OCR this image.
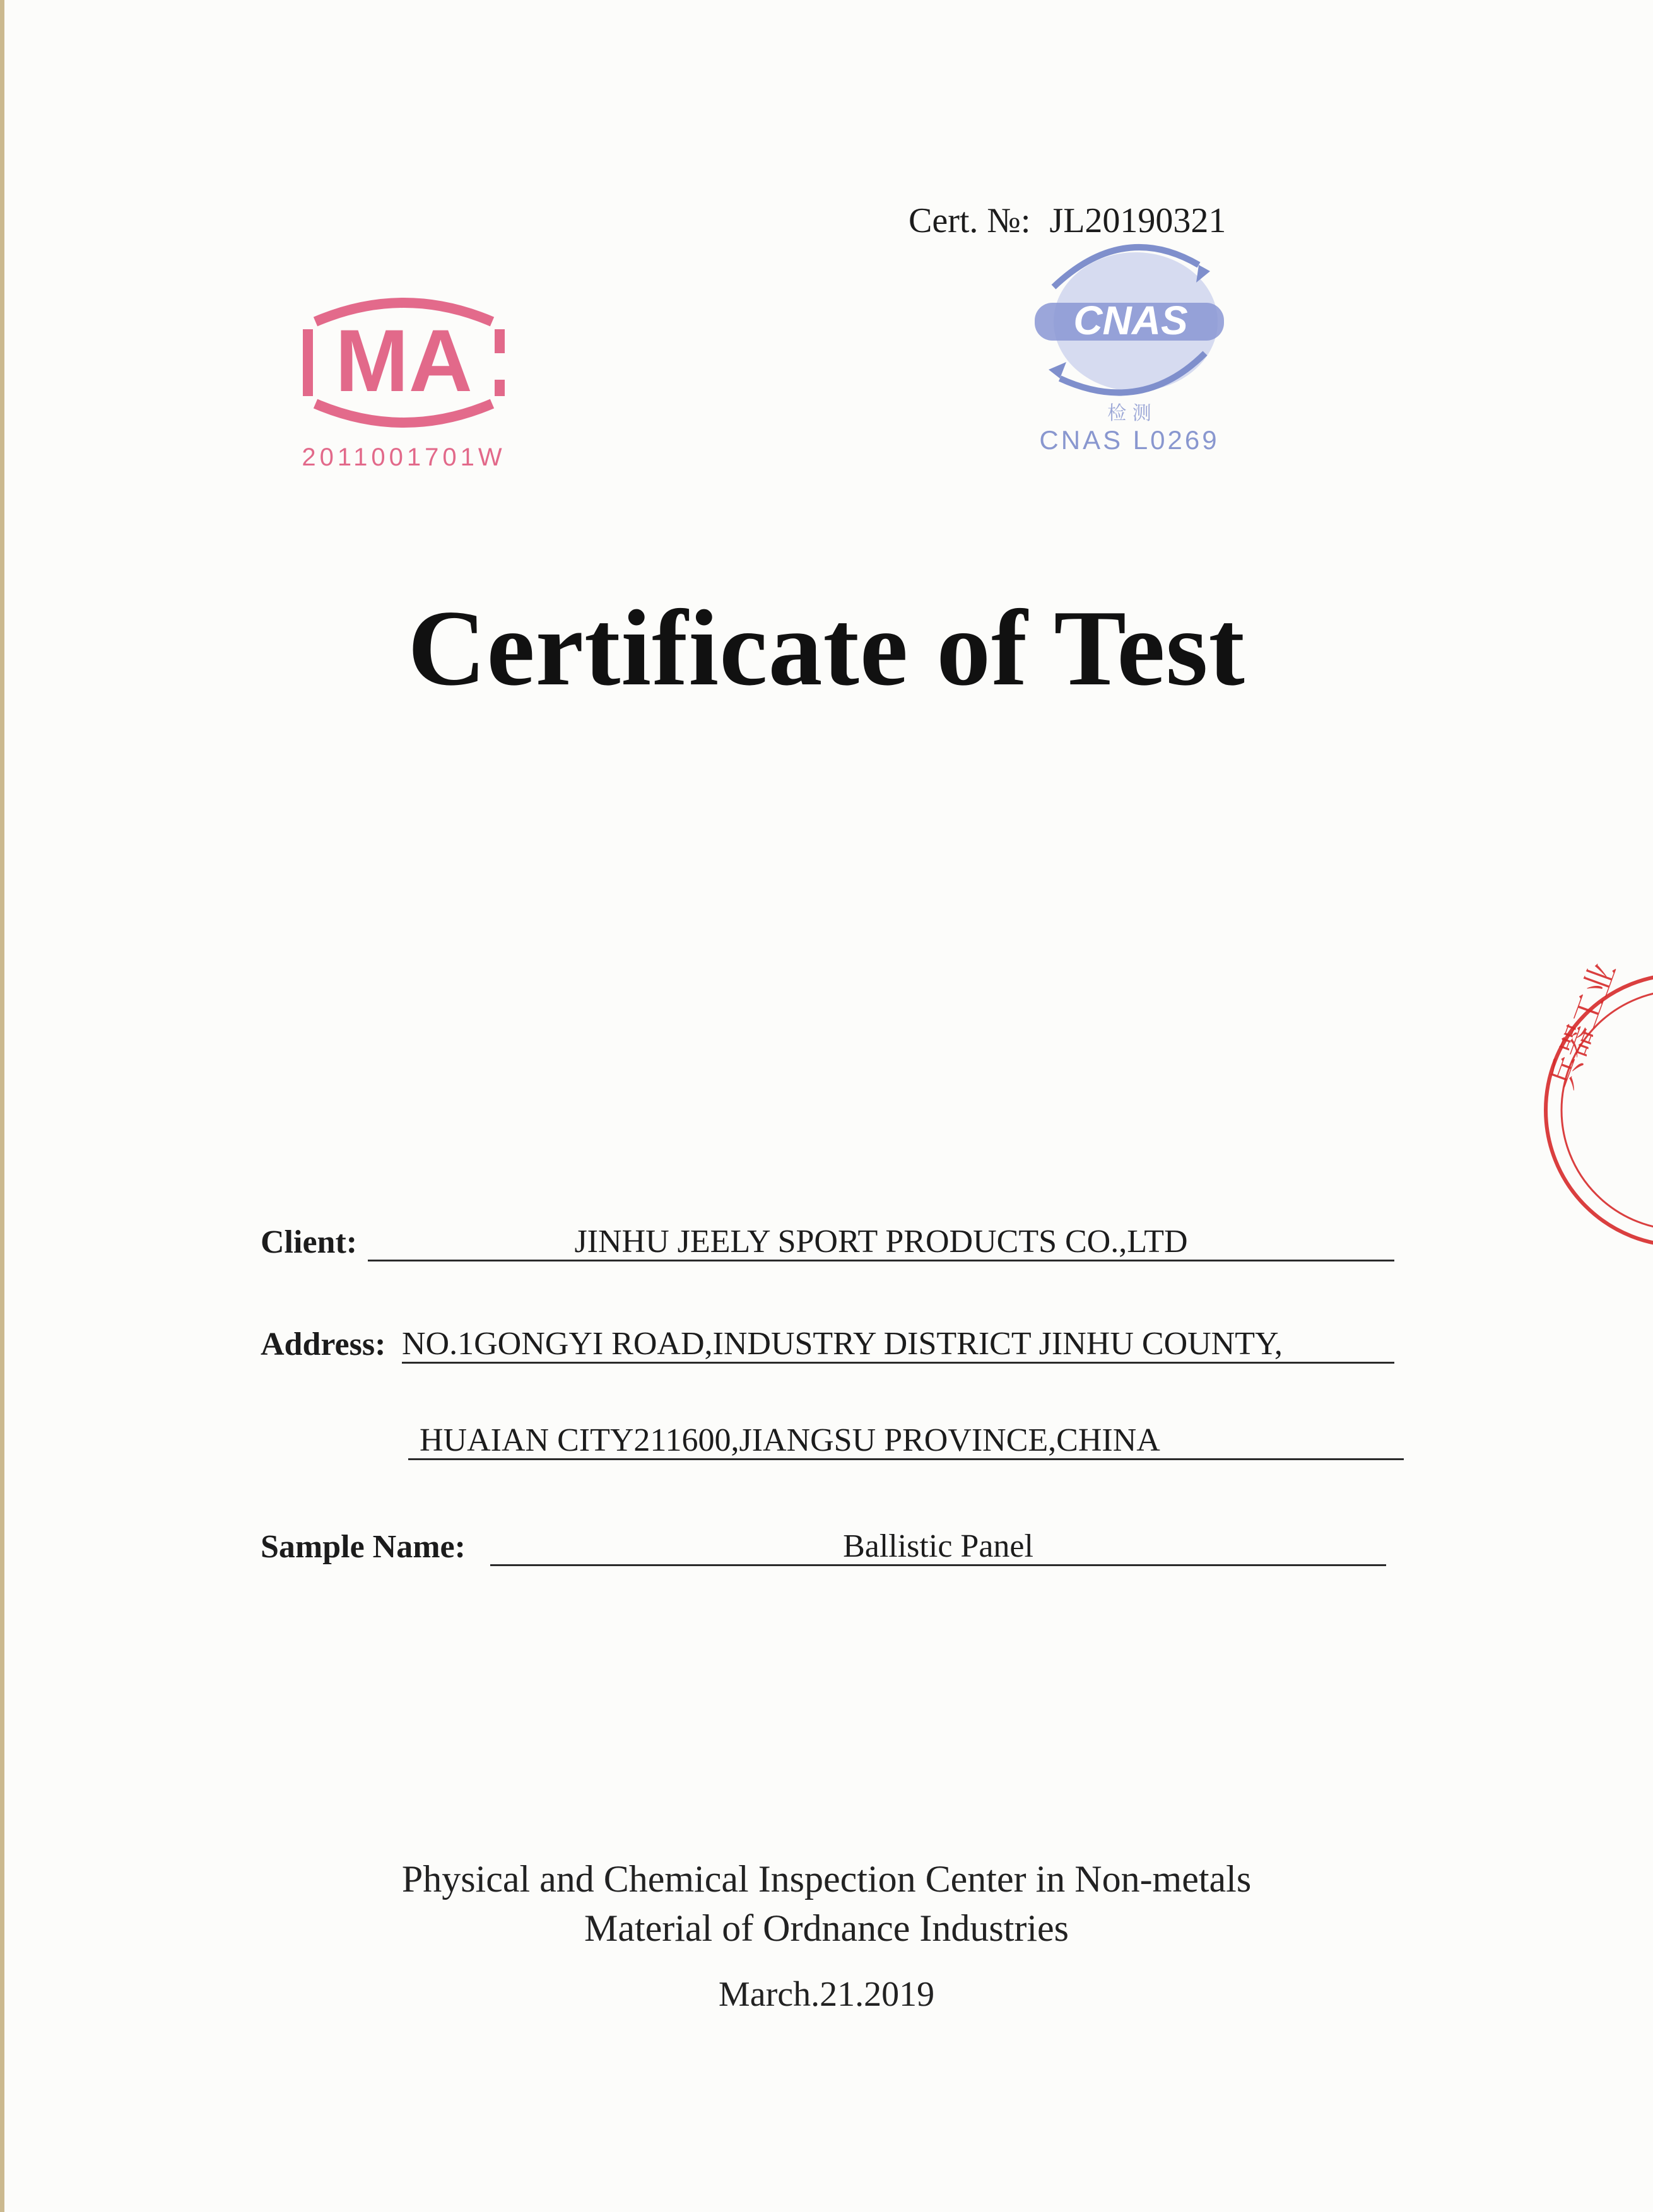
Cert. №: JL20190321
MA
2011001701W
CNAS
检 测
CNAS L0269
兵器工业
Certificate of Test
Client:	JINHU JEELY SPORT PRODUCTS CO.,LTD
Address: NO.1GONGYI ROAD,INDUSTRY DISTRICT JINHU COUNTY,
HUAIAN CITY211600,JIANGSU PROVINCE,CHINA
Sample Name:	Ballistic Panel
Physical and Chemical Inspection Center in Non-metals
Material of Ordnance Industries
March.21.2019
